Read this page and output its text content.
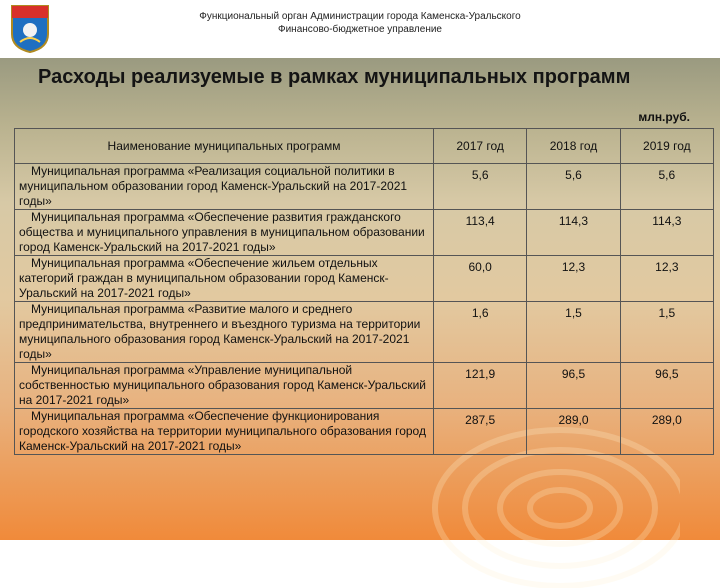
Функциональный орган Администрации города Каменска-Уральского
Финансово-бюджетное управление
Расходы реализуемые в рамках муниципальных программ
млн.руб.
Наименование муниципальных программ	2017 год	2018 год	2019 год

Муниципальная программа «Реализация социальной политики в муниципальном образовании город Каменск-Уральский на 2017-2021 годы»	5,6	5,6	5,6

Муниципальная программа «Обеспечение развития гражданского общества и муниципального управления в муниципальном образовании город Каменск-Уральский на 2017-2021 годы»	113,4	114,3	114,3

Муниципальная программа «Обеспечение жильем отдельных категорий граждан в муниципальном образовании город Каменск-Уральский на 2017-2021 годы»	60,0	12,3	12,3

Муниципальная программа «Развитие малого и среднего предпринимательства, внутреннего и въездного туризма на территории муниципального образования город Каменск-Уральский на 2017-2021 годы»	1,6	1,5	1,5

Муниципальная программа «Управление муниципальной собственностью муниципального образования город Каменск-Уральский на 2017-2021 годы»	121,9	96,5	96,5

Муниципальная программа «Обеспечение функционирования городского хозяйства на территории муниципального образования город Каменск-Уральский на 2017-2021 годы»	287,5	289,0	289,0
